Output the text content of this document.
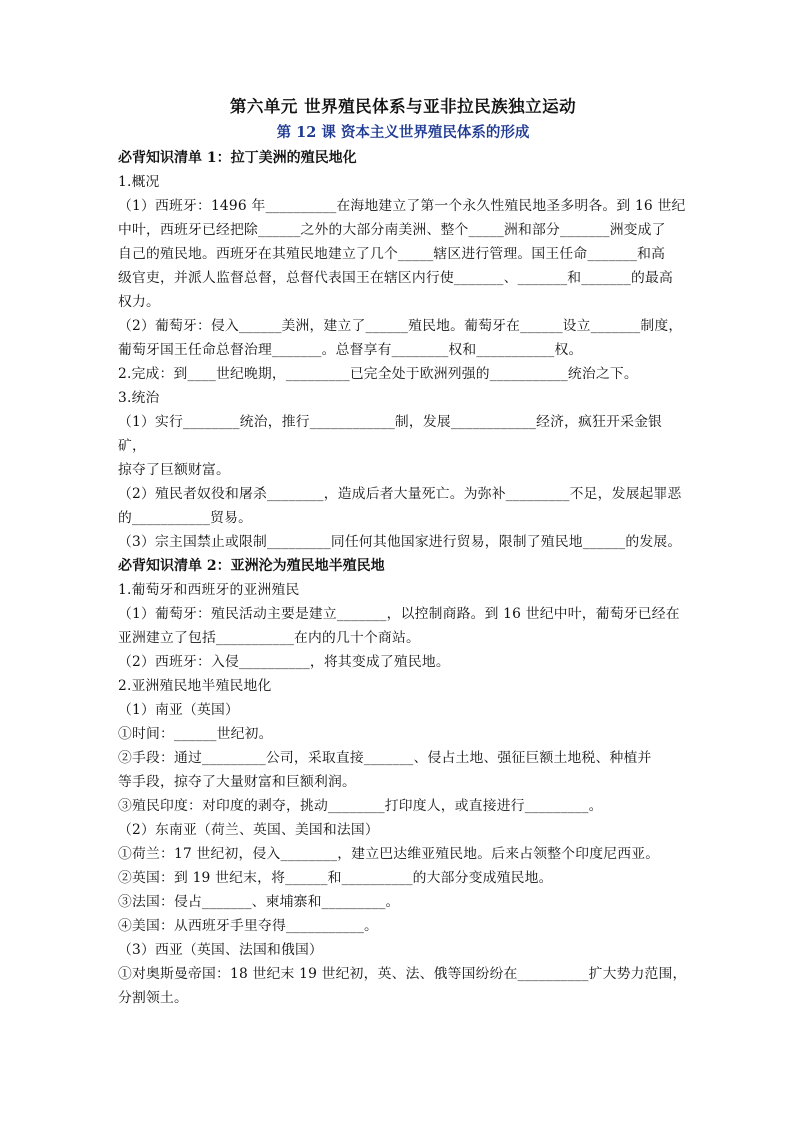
第六单元 世界殖民体系与亚非拉民族独立运动
第 12 课 资本主义世界殖民体系的形成
必背知识清单 1：拉丁美洲的殖民地化
1.概况
（1）西班牙：1496 年__________在海地建立了第一个永久性殖民地圣多明各。到 16 世纪
中叶，西班牙已经把除______之外的大部分南美洲、整个_____洲和部分_______洲变成了
自己的殖民地。西班牙在其殖民地建立了几个_____辖区进行管理。国王任命_______和高
级官吏，并派人监督总督，总督代表国王在辖区内行使_______、_______和_______的最高
权力。
（2）葡萄牙：侵入______美洲，建立了______殖民地。葡萄牙在______设立_______制度，
葡萄牙国王任命总督治理_______。总督享有________权和___________权。
2.完成：到____世纪晚期，_________已完全处于欧洲列强的___________统治之下。
3.统治
（1）实行________统治，推行____________制，发展____________经济，疯狂开采金银矿，
掠夺了巨额财富。
（2）殖民者奴役和屠杀________，造成后者大量死亡。为弥补_________不足，发展起罪恶
的___________贸易。
（3）宗主国禁止或限制_________同任何其他国家进行贸易，限制了殖民地______的发展。
必背知识清单 2：亚洲沦为殖民地半殖民地
1.葡萄牙和西班牙的亚洲殖民
（1）葡萄牙：殖民活动主要是建立_______，以控制商路。到 16 世纪中叶，葡萄牙已经在
亚洲建立了包括___________在内的几十个商站。
（2）西班牙：入侵__________，将其变成了殖民地。
2.亚洲殖民地半殖民地化
（1）南亚（英国）
①时间：______世纪初。
②手段：通过_________公司，采取直接_______、侵占土地、强征巨额土地税、种植并
等手段，掠夺了大量财富和巨额利润。
③殖民印度：对印度的剥夺，挑动________打印度人，或直接进行_________。
（2）东南亚（荷兰、英国、美国和法国）
①荷兰：17 世纪初，侵入________，建立巴达维亚殖民地。后来占领整个印度尼西亚。
②英国：到 19 世纪末，将______和__________的大部分变成殖民地。
③法国：侵占_______、柬埔寨和_________。
④美国：从西班牙手里夺得___________。
（3）西亚（英国、法国和俄国）
①对奥斯曼帝国：18 世纪末 19 世纪初，英、法、俄等国纷纷在__________扩大势力范围，
分割领土。
